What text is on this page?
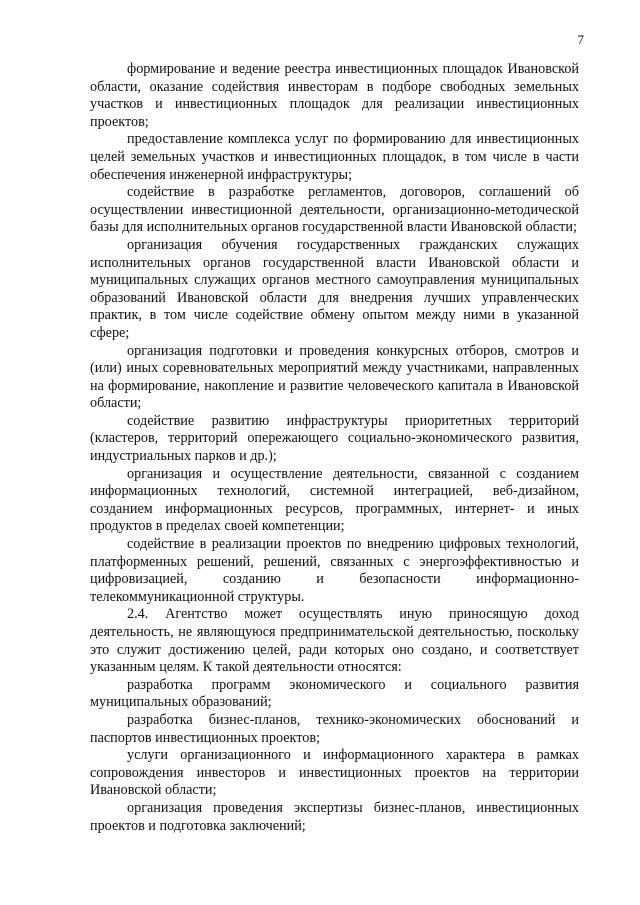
7

формирование и ведение реестра инвестиционных площадок Ивановской области, оказание содействия инвесторам в подборе свободных земельных участков и инвестиционных площадок для реализации инвестиционных проектов;

предоставление комплекса услуг по формированию для инвестиционных целей земельных участков и инвестиционных площадок, в том числе в части обеспечения инженерной инфраструктуры;

содействие в разработке регламентов, договоров, соглашений об осуществлении инвестиционной деятельности, организационно-методической базы для исполнительных органов государственной власти Ивановской области;

организация обучения государственных гражданских служащих исполнительных органов государственной власти Ивановской области и муниципальных служащих органов местного самоуправления муниципальных образований Ивановской области для внедрения лучших управленческих практик, в том числе содействие обмену опытом между ними в указанной сфере;

организация подготовки и проведения конкурсных отборов, смотров и (или) иных соревновательных мероприятий между участниками, направленных на формирование, накопление и развитие человеческого капитала в Ивановской области;

содействие развитию инфраструктуры приоритетных территорий (кластеров, территорий опережающего социально-экономического развития, индустриальных парков и др.);

организация и осуществление деятельности, связанной с созданием информационных технологий, системной интеграцией, веб-дизайном, созданием информационных ресурсов, программных, интернет- и иных продуктов в пределах своей компетенции;

содействие в реализации проектов по внедрению цифровых технологий, платформенных решений, решений, связанных с энергоэффективностью и цифровизацией, созданию и безопасности информационно-телекоммуникационной структуры.

2.4. Агентство может осуществлять иную приносящую доход деятельность, не являющуюся предпринимательской деятельностью, поскольку это служит достижению целей, ради которых оно создано, и соответствует указанным целям. К такой деятельности относятся:

разработка программ экономического и социального развития муниципальных образований;

разработка бизнес-планов, технико-экономических обоснований и паспортов инвестиционных проектов;

услуги организационного и информационного характера в рамках сопровождения инвесторов и инвестиционных проектов на территории Ивановской области;

организация проведения экспертизы бизнес-планов, инвестиционных проектов и подготовка заключений;
